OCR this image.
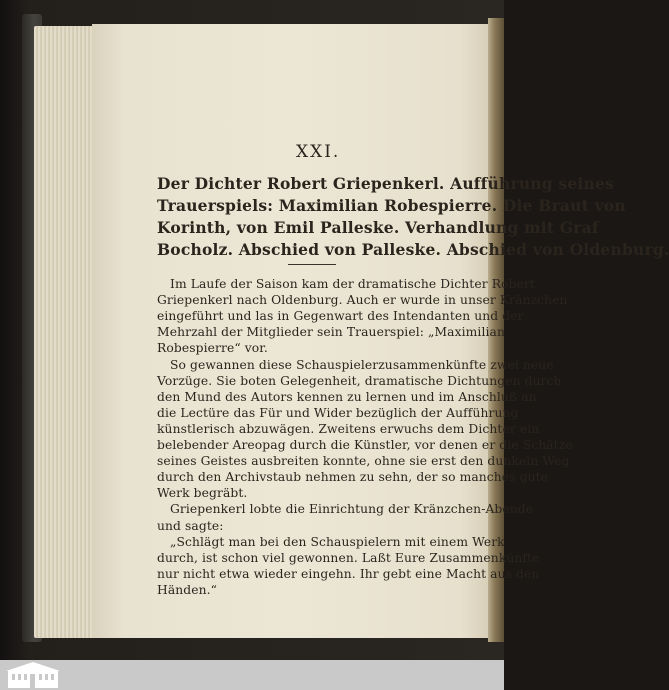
XXI.
Der Dichter Robert Griepenkerl. Aufführung seines
Trauerspiels: Maximilian Robespierre. Die Braut von
Korinth, von Emil Palleske. Verhandlung mit Graf
Bocholz. Abschied von Palleske. Abschied von Oldenburg.
Im Laufe der Saison kam der dramatische Dichter Robert
Griepenkerl nach Oldenburg. Auch er wurde in unser Kränzchen
eingeführt und las in Gegenwart des Intendanten und der
Mehrzahl der Mitglieder sein Trauerspiel: „Maximilian
Robespierre“ vor.
So gewannen diese Schauspielerzusammenkünfte zwei neue
Vorzüge. Sie boten Gelegenheit, dramatische Dichtungen durch
den Mund des Autors kennen zu lernen und im Anschluß an
die Lectüre das Für und Wider bezüglich der Aufführung
künstlerisch abzuwägen. Zweitens erwuchs dem Dichter ein
belebender Areopag durch die Künstler, vor denen er die Schätze
seines Geistes ausbreiten konnte, ohne sie erst den dunkeln Weg
durch den Archivstaub nehmen zu sehn, der so manches gute
Werk begräbt.
Griepenkerl lobte die Einrichtung der Kränzchen-Abende
und sagte:
„Schlägt man bei den Schauspielern mit einem Werk
durch, ist schon viel gewonnen. Laßt Eure Zusammenkünfte
nur nicht etwa wieder eingehn. Ihr gebt eine Macht aus den
Händen.“
